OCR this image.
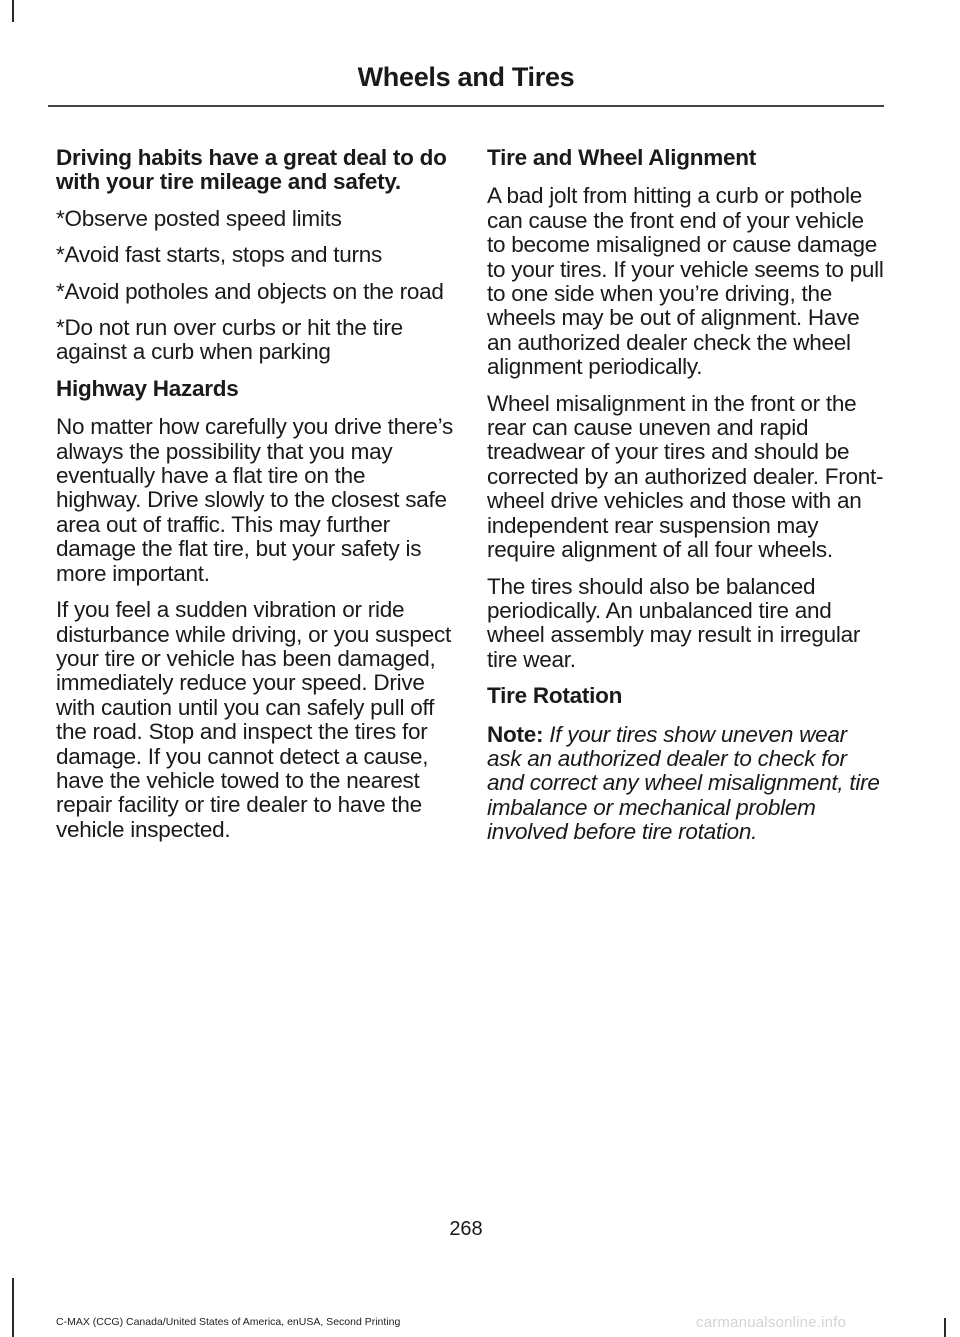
Wheels and Tires
Driving habits have a great deal to do with your tire mileage and safety.

*Observe posted speed limits

*Avoid fast starts, stops and turns

*Avoid potholes and objects on the road

*Do not run over curbs or hit the tire against a curb when parking

Highway Hazards

No matter how carefully you drive there’s always the possibility that you may eventually have a flat tire on the highway. Drive slowly to the closest safe area out of traffic. This may further damage the flat tire, but your safety is more important.

If you feel a sudden vibration or ride disturbance while driving, or you suspect your tire or vehicle has been damaged, immediately reduce your speed. Drive with caution until you can safely pull off the road. Stop and inspect the tires for damage. If you cannot detect a cause, have the vehicle towed to the nearest repair facility or tire dealer to have the vehicle inspected.

Tire and Wheel Alignment

A bad jolt from hitting a curb or pothole can cause the front end of your vehicle to become misaligned or cause damage to your tires. If your vehicle seems to pull to one side when you’re driving, the wheels may be out of alignment. Have an authorized dealer check the wheel alignment periodically.

Wheel misalignment in the front or the rear can cause uneven and rapid treadwear of your tires and should be corrected by an authorized dealer. Front-wheel drive vehicles and those with an independent rear suspension may require alignment of all four wheels.

The tires should also be balanced periodically. An unbalanced tire and wheel assembly may result in irregular tire wear.

Tire Rotation

Note: If your tires show uneven wear ask an authorized dealer to check for and correct any wheel misalignment, tire imbalance or mechanical problem involved before tire rotation.

268
C-MAX (CCG) Canada/United States of America, enUSA, Second Printing	carmanualsonline.info
